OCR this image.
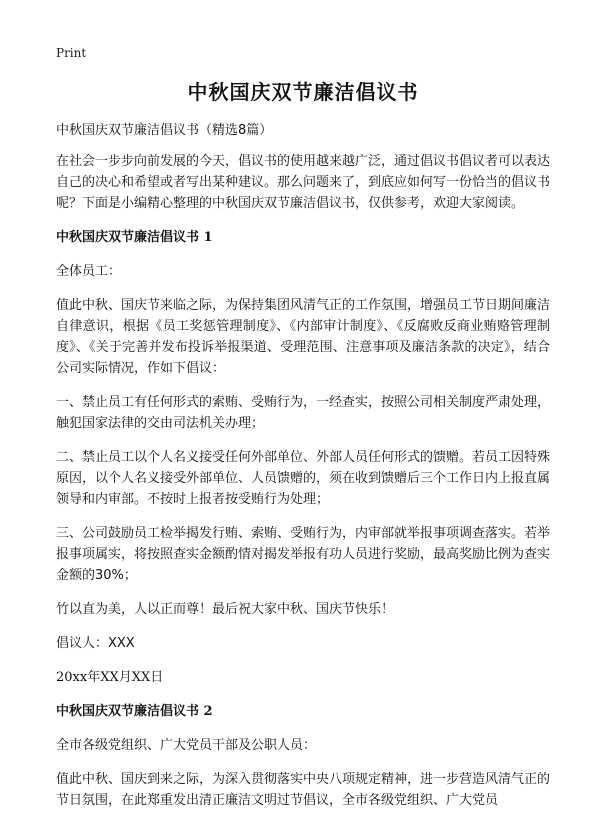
Print
中秋国庆双节廉洁倡议书

中秋国庆双节廉洁倡议书（精选8篇）

在社会一步步向前发展的今天，倡议书的使用越来越广泛，通过倡议书倡议者可以表达自己的决心和希望或者写出某种建议。那么问题来了，到底应如何写一份恰当的倡议书呢？下面是小编精心整理的中秋国庆双节廉洁倡议书，仅供参考，欢迎大家阅读。

中秋国庆双节廉洁倡议书 1

全体员工：

值此中秋、国庆节来临之际，为保持集团风清气正的工作氛围，增强员工节日期间廉洁自律意识，根据《员工奖惩管理制度》、《内部审计制度》、《反腐败反商业贿赂管理制度》、《关于完善并发布投诉举报渠道、受理范围、注意事项及廉洁条款的决定》，结合公司实际情况，作如下倡议：

一、禁止员工有任何形式的索贿、受贿行为，一经查实，按照公司相关制度严肃处理，触犯国家法律的交由司法机关办理；

二、禁止员工以个人名义接受任何外部单位、外部人员任何形式的馈赠。若员工因特殊原因，以个人名义接受外部单位、人员馈赠的，须在收到馈赠后三个工作日内上报直属领导和内审部。不按时上报者按受贿行为处理；

三、公司鼓励员工检举揭发行贿、索贿、受贿行为，内审部就举报事项调查落实。若举报事项属实，将按照查实金额酌情对揭发举报有功人员进行奖励，最高奖励比例为查实金额的30%；

竹以直为美，人以正而尊！最后祝大家中秋、国庆节快乐！

倡议人：XXX

20xx年XX月XX日

中秋国庆双节廉洁倡议书 2

全市各级党组织、广大党员干部及公职人员：

值此中秋、国庆到来之际，为深入贯彻落实中央八项规定精神，进一步营造风清气正的节日氛围，在此郑重发出清正廉洁文明过节倡议，全市各级党组织、广大党员
